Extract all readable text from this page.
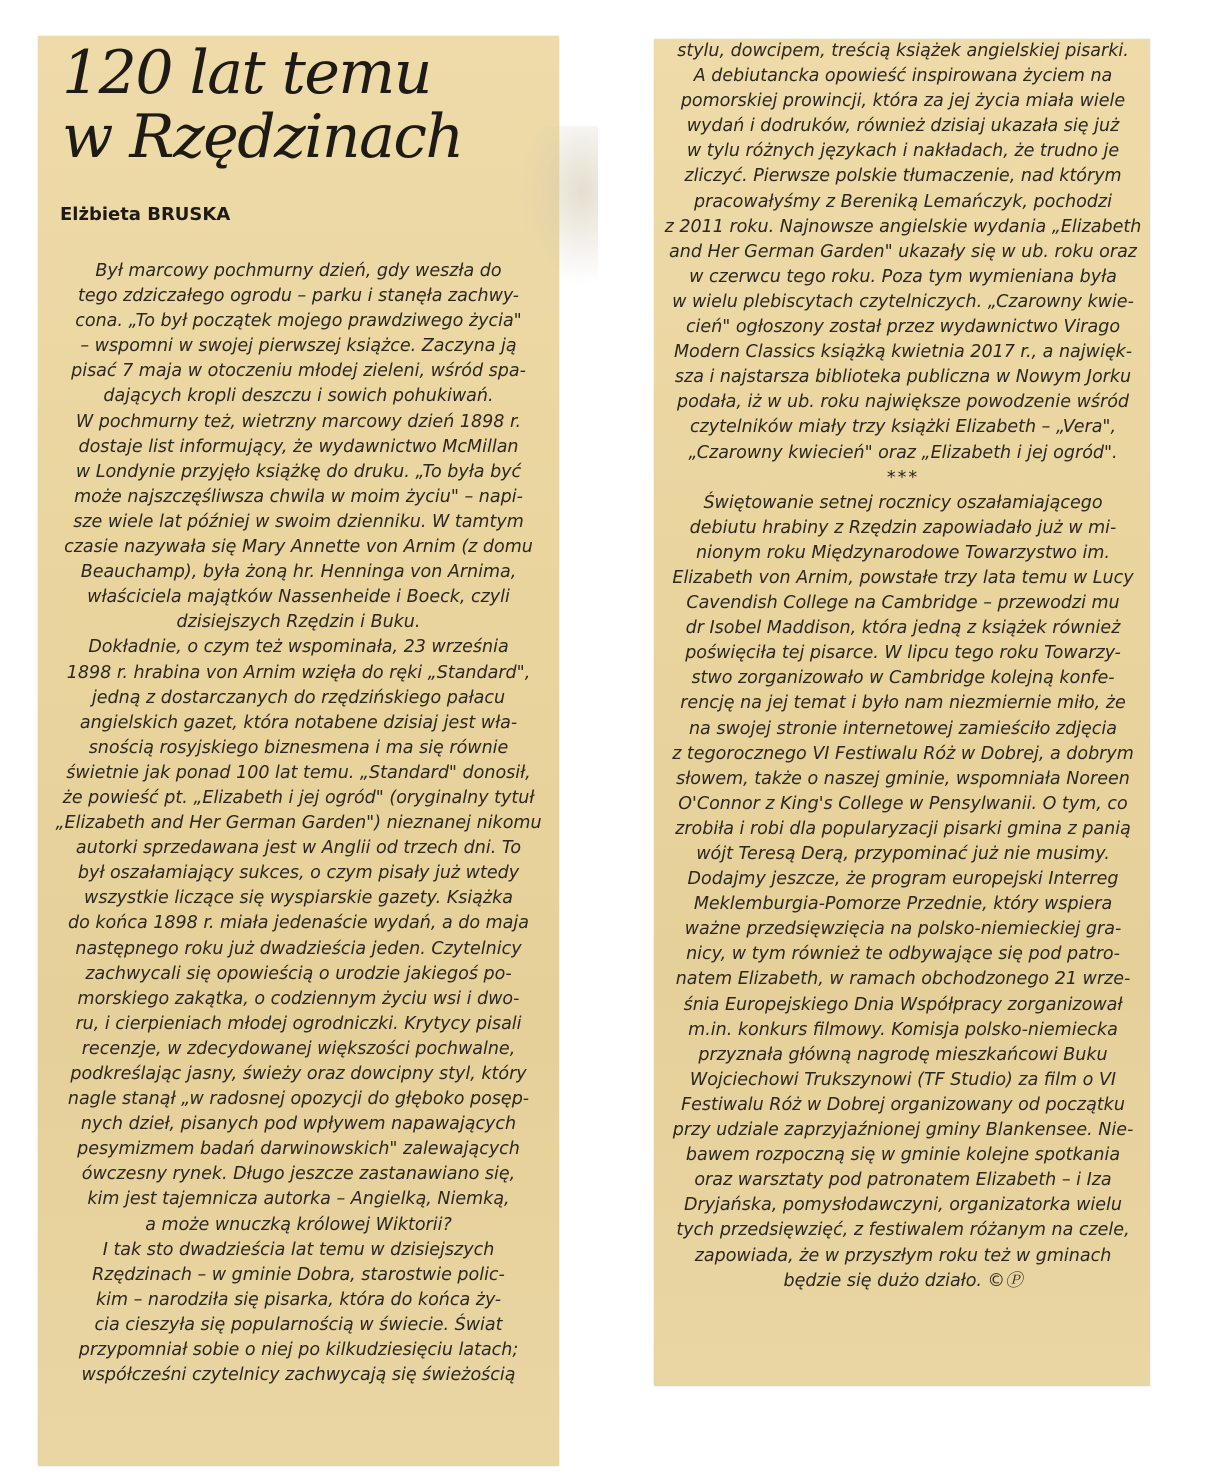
120 lat temu
w Rzędzinach
Elżbieta BRUSKA
Był marcowy pochmurny dzień, gdy weszła do
tego zdziczałego ogrodu – parku i stanęła zachwy-
cona. „To był początek mojego prawdziwego życia"
– wspomni w swojej pierwszej książce. Zaczyna ją
pisać 7 maja w otoczeniu młodej zieleni, wśród spa-
dających kropli deszczu i sowich pohukiwań.
W pochmurny też, wietrzny marcowy dzień 1898 r.
dostaje list informujący, że wydawnictwo McMillan
w Londynie przyjęło książkę do druku. „To była być
może najszczęśliwsza chwila w moim życiu" – napi-
sze wiele lat później w swoim dzienniku. W tamtym
czasie nazywała się Mary Annette von Arnim (z domu
Beauchamp), była żoną hr. Henninga von Arnima,
właściciela majątków Nassenheide i Boeck, czyli
dzisiejszych Rzędzin i Buku.
Dokładnie, o czym też wspominała, 23 września
1898 r. hrabina von Arnim wzięła do ręki „Standard",
jedną z dostarczanych do rzędzińskiego pałacu
angielskich gazet, która notabene dzisiaj jest wła-
snością rosyjskiego biznesmena i ma się równie
świetnie jak ponad 100 lat temu. „Standard" donosił,
że powieść pt. „Elizabeth i jej ogród" (oryginalny tytuł
„Elizabeth and Her German Garden") nieznanej nikomu
autorki sprzedawana jest w Anglii od trzech dni. To
był oszałamiający sukces, o czym pisały już wtedy
wszystkie liczące się wyspiarskie gazety. Książka
do końca 1898 r. miała jedenaście wydań, a do maja
następnego roku już dwadzieścia jeden. Czytelnicy
zachwycali się opowieścią o urodzie jakiegoś po-
morskiego zakątka, o codziennym życiu wsi i dwo-
ru, i cierpieniach młodej ogrodniczki. Krytycy pisali
recenzje, w zdecydowanej większości pochwalne,
podkreślając jasny, świeży oraz dowcipny styl, który
nagle stanął „w radosnej opozycji do głęboko posęp-
nych dzieł, pisanych pod wpływem napawających
pesymizmem badań darwinowskich" zalewających
ówczesny rynek. Długo jeszcze zastanawiano się,
kim jest tajemnicza autorka – Angielką, Niemką,
a może wnuczką królowej Wiktorii?
I tak sto dwadzieścia lat temu w dzisiejszych
Rzędzinach – w gminie Dobra, starostwie polic-
kim – narodziła się pisarka, która do końca ży-
cia cieszyła się popularnością w świecie. Świat
przypomniał sobie o niej po kilkudziesięciu latach;
współcześni czytelnicy zachwycają się świeżością
stylu, dowcipem, treścią książek angielskiej pisarki.
A debiutancka opowieść inspirowana życiem na
pomorskiej prowincji, która za jej życia miała wiele
wydań i dodruków, również dzisiaj ukazała się już
w tylu różnych językach i nakładach, że trudno je
zliczyć. Pierwsze polskie tłumaczenie, nad którym
pracowałyśmy z Bereniką Lemańczyk, pochodzi
z 2011 roku. Najnowsze angielskie wydania „Elizabeth
and Her German Garden" ukazały się w ub. roku oraz
w czerwcu tego roku. Poza tym wymieniana była
w wielu plebiscytach czytelniczych. „Czarowny kwie-
cień" ogłoszony został przez wydawnictwo Virago
Modern Classics książką kwietnia 2017 r., a najwięk-
sza i najstarsza biblioteka publiczna w Nowym Jorku
podała, iż w ub. roku największe powodzenie wśród
czytelników miały trzy książki Elizabeth – „Vera",
„Czarowny kwiecień" oraz „Elizabeth i jej ogród".
***
Świętowanie setnej rocznicy oszałamiającego
debiutu hrabiny z Rzędzin zapowiadało już w mi-
nionym roku Międzynarodowe Towarzystwo im.
Elizabeth von Arnim, powstałe trzy lata temu w Lucy
Cavendish College na Cambridge – przewodzi mu
dr Isobel Maddison, która jedną z książek również
poświęciła tej pisarce. W lipcu tego roku Towarzy-
stwo zorganizowało w Cambridge kolejną konfe-
rencję na jej temat i było nam niezmiernie miło, że
na swojej stronie internetowej zamieściło zdjęcia
z tegorocznego VI Festiwalu Róż w Dobrej, a dobrym
słowem, także o naszej gminie, wspomniała Noreen
O'Connor z King's College w Pensylwanii. O tym, co
zrobiła i robi dla popularyzacji pisarki gmina z panią
wójt Teresą Derą, przypominać już nie musimy.
Dodajmy jeszcze, że program europejski Interreg
Meklemburgia-Pomorze Przednie, który wspiera
ważne przedsięwzięcia na polsko-niemieckiej gra-
nicy, w tym również te odbywające się pod patro-
natem Elizabeth, w ramach obchodzonego 21 wrze-
śnia Europejskiego Dnia Współpracy zorganizował
m.in. konkurs filmowy. Komisja polsko-niemiecka
przyznała główną nagrodę mieszkańcowi Buku
Wojciechowi Trukszynowi (TF Studio) za film o VI
Festiwalu Róż w Dobrej organizowany od początku
przy udziale zaprzyjaźnionej gminy Blankensee. Nie-
bawem rozpoczną się w gminie kolejne spotkania
oraz warsztaty pod patronatem Elizabeth – i Iza
Dryjańska, pomysłodawczyni, organizatorka wielu
tych przedsięwzięć, z festiwalem różanym na czele,
zapowiada, że w przyszłym roku też w gminach
będzie się dużo działo. ©Ⓟ
